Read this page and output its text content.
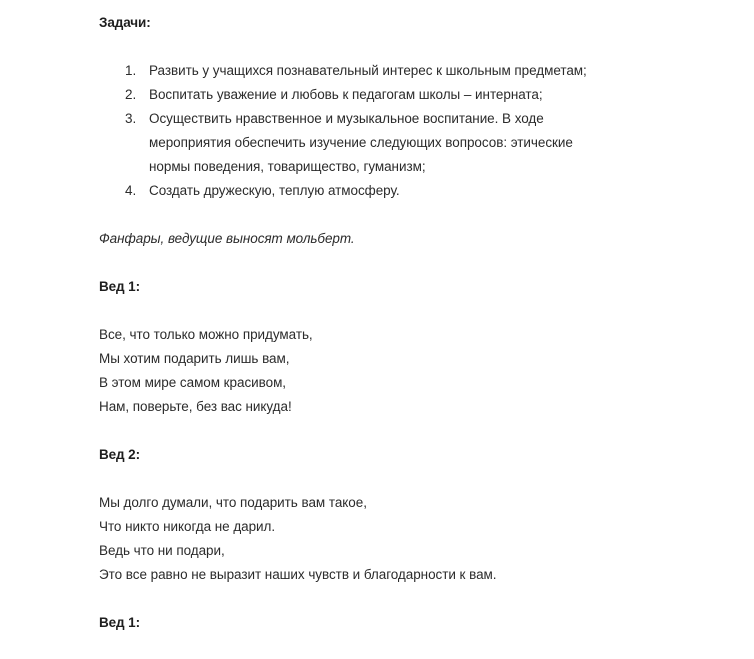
Задачи:

1. Развить у учащихся познавательный интерес к школьным предметам;
2. Воспитать уважение и любовь к педагогам школы – интерната;
3. Осуществить нравственное и музыкальное воспитание. В ходе
мероприятия обеспечить изучение следующих вопросов: этические
нормы поведения, товарищество, гуманизм;
4. Создать дружескую, теплую атмосферу.

Фанфары, ведущие выносят мольберт.

Вед 1:

Все, что только можно придумать,
Мы хотим подарить лишь вам,
В этом мире самом красивом,
Нам, поверьте, без вас никуда!

Вед 2:

Мы долго думали, что подарить вам такое,
Что никто никогда не дарил.
Ведь что ни подари,
Это все равно не выразит наших чувств и благодарности к вам.

Вед 1:
